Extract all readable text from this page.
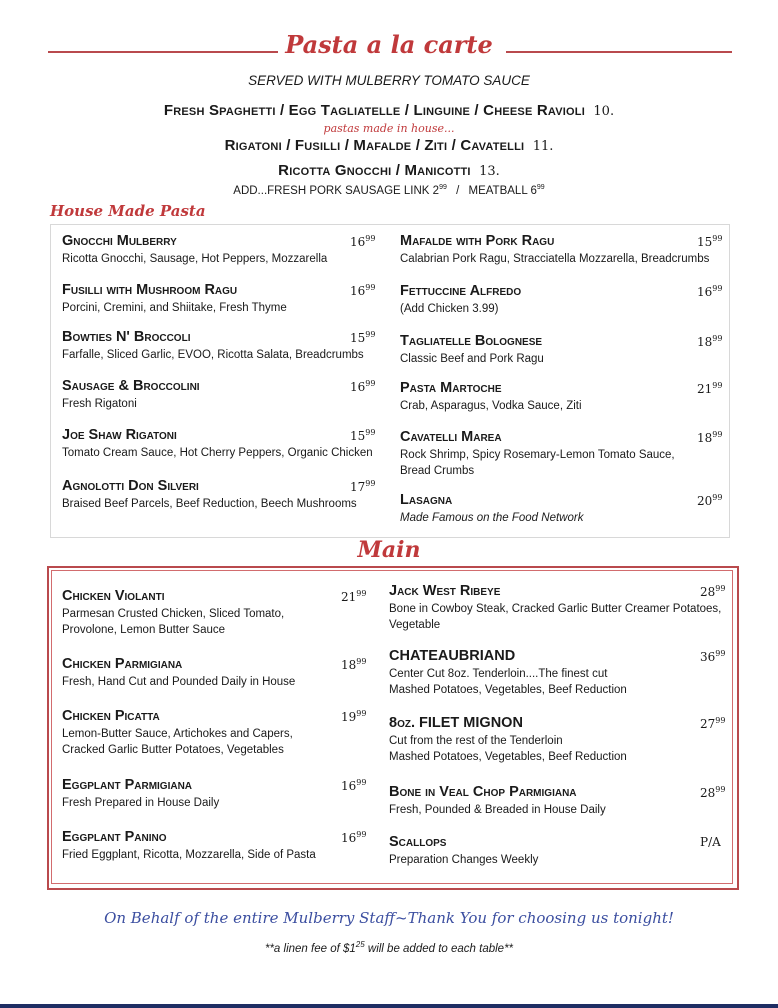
Pasta a la carte
SERVED WITH MULBERRY TOMATO SAUCE
Fresh Spaghetti / Egg Tagliatelle / Linguine / Cheese Ravioli 10.
pastas made in house...
Rigatoni / Fusilli / Mafalde / Ziti / Cavatelli 11.
Ricotta Gnocchi / Manicotti 13.
ADD...FRESH PORK SAUSAGE LINK $2^{99}$ / MEATBALL $6^{99}$
House Made Pasta
Main
On Behalf of the entire Mulberry Staff~Thank You for choosing us tonight!
**a linen fee of $\$1^{25}$ will be added to each table**
Gnocchi Mulberry	$16^{99}$
Ricotta Gnocchi, Sausage, Hot Peppers, Mozzarella
Fusilli with Mushroom Ragu	$16^{99}$
Porcini, Cremini, and Shiitake, Fresh Thyme
Bowties N' Broccoli	$15^{99}$
Farfalle, Sliced Garlic, EVOO, Ricotta Salata, Breadcrumbs
Sausage & Broccolini	$16^{99}$
Fresh Rigatoni
Joe Shaw Rigatoni	$15^{99}$
Tomato Cream Sauce, Hot Cherry Peppers, Organic Chicken
Agnolotti Don Silveri	$17^{99}$
Braised Beef Parcels, Beef Reduction, Beech Mushrooms
Mafalde with Pork Ragu	$15^{99}$
Calabrian Pork Ragu, Stracciatella Mozzarella, Breadcrumbs
Fettuccine Alfredo	$16^{99}$
(Add Chicken 3.99)
Tagliatelle Bolognese	$18^{99}$
Classic Beef and Pork Ragu
Pasta Martoche	$21^{99}$
Crab, Asparagus, Vodka Sauce, Ziti
Cavatelli Marea	$18^{99}$
Rock Shrimp, Spicy Rosemary-Lemon Tomato Sauce,
Bread Crumbs
Lasagna	$20^{99}$
Made Famous on the Food Network
Chicken Violanti	$21^{99}$
Parmesan Crusted Chicken, Sliced Tomato,
Provolone, Lemon Butter Sauce
Chicken Parmigiana	$18^{99}$
Fresh, Hand Cut and Pounded Daily in House
Chicken Picatta	$19^{99}$
Lemon-Butter Sauce, Artichokes and Capers,
Cracked Garlic Butter Potatoes, Vegetables
Eggplant Parmigiana	$16^{99}$
Fresh Prepared in House Daily
Eggplant Panino	$16^{99}$
Fried Eggplant, Ricotta, Mozzarella, Side of Pasta
Jack West Ribeye	$28^{99}$
Bone in Cowboy Steak, Cracked Garlic Butter Creamer Potatoes,
Vegetable
CHATEAUBRIAND	$36^{99}$
Center Cut 8oz. Tenderloin....The finest cut
Mashed Potatoes, Vegetables, Beef Reduction
8oz. FILET MIGNON	$27^{99}$
Cut from the rest of the Tenderloin
Mashed Potatoes, Vegetables, Beef Reduction
Bone in Veal Chop Parmigiana	$28^{99}$
Fresh, Pounded & Breaded in House Daily
Scallops	P/A
Preparation Changes Weekly
